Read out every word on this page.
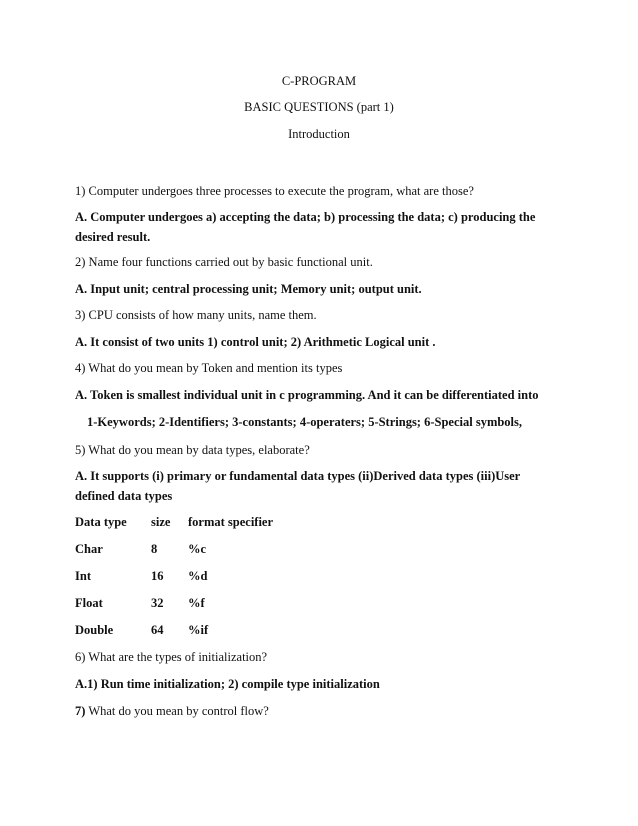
C-PROGRAM
BASIC QUESTIONS (part 1)
Introduction
1) Computer undergoes three processes to execute the program, what are those?
A. Computer undergoes a) accepting the data; b) processing the data; c) producing the desired result.
2) Name four functions carried out by basic functional unit.
A. Input unit; central processing unit; Memory unit; output unit.
3) CPU consists of how many units, name them.
A. It consist of two units 1) control unit; 2) Arithmetic Logical unit .
4) What do you mean by Token and mention its types
A. Token is smallest individual unit in c programming. And it can be differentiated into
1-Keywords; 2-Identifiers; 3-constants; 4-operaters; 5-Strings; 6-Special symbols,
5) What do you mean by data types, elaborate?
A. It supports (i) primary or fundamental data types (ii)Derived data types (iii)User defined data types
Data type size format specifier
Char	8 %c
Int	16 %d
Float	32 %f
Double	64 %if
6) What are the types of initialization?
A.1) Run time initialization; 2) compile type initialization
7) What do you mean by control flow?
